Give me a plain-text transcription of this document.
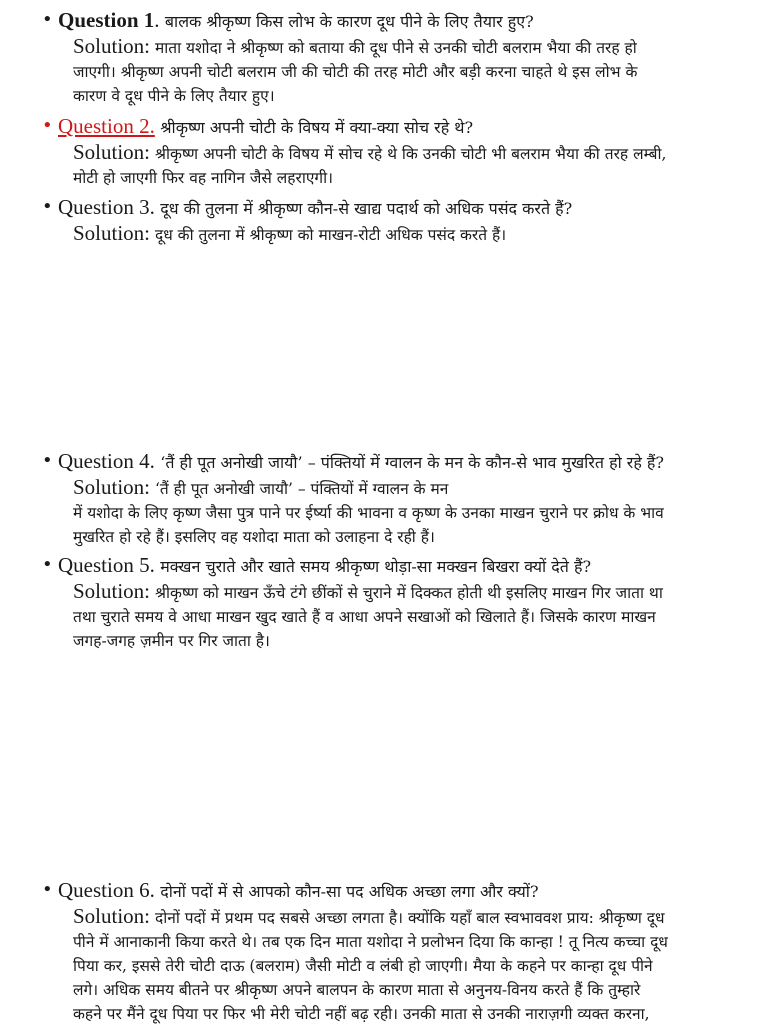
• Question 1. बालक श्रीकृष्ण किस लोभ के कारण दूध पीने के लिए तैयार हुए?
Solution: माता यशोदा ने श्रीकृष्ण को बताया की दूध पीने से उनकी चोटी बलराम भैया की तरह हो
जाएगी। श्रीकृष्ण अपनी चोटी बलराम जी की चोटी की तरह मोटी और बड़ी करना चाहते थे इस लोभ के
कारण वे दूध पीने के लिए तैयार हुए।
• Question 2. श्रीकृष्ण अपनी चोटी के विषय में क्या-क्या सोच रहे थे?
Solution: श्रीकृष्ण अपनी चोटी के विषय में सोच रहे थे कि उनकी चोटी भी बलराम भैया की तरह लम्बी,
मोटी हो जाएगी फिर वह नागिन जैसे लहराएगी।
• Question 3. दूध की तुलना में श्रीकृष्ण कौन-से खाद्य पदार्थ को अधिक पसंद करते हैं?
Solution: दूध की तुलना में श्रीकृष्ण को माखन-रोटी अधिक पसंद करते हैं।
• Question 4. ‘तैं ही पूत अनोखी जायौ’ – पंक्तियों में ग्वालन के मन के कौन-से भाव मुखरित हो रहे हैं?
Solution: ‘तैं ही पूत अनोखी जायौ’ – पंक्तियों में ग्वालन के मन
में यशोदा के लिए कृष्ण जैसा पुत्र पाने पर ईर्ष्या की भावना व कृष्ण के उनका माखन चुराने पर क्रोध के भाव
मुखरित हो रहे हैं। इसलिए वह यशोदा माता को उलाहना दे रही हैं।
• Question 5. मक्खन चुराते और खाते समय श्रीकृष्ण थोड़ा-सा मक्खन बिखरा क्यों देते हैं?
Solution: श्रीकृष्ण को माखन ऊँचे टंगे छींकों से चुराने में दिक्कत होती थी इसलिए माखन गिर जाता था
तथा चुराते समय वे आधा माखन खुद खाते हैं व आधा अपने सखाओं को खिलाते हैं। जिसके कारण माखन
जगह-जगह ज़मीन पर गिर जाता है।
• Question 6. दोनों पदों में से आपको कौन-सा पद अधिक अच्छा लगा और क्यों?
Solution: दोनों पदों में प्रथम पद सबसे अच्छा लगता है। क्योंकि यहाँ बाल स्वभाववश प्राय: श्रीकृष्ण दूध
पीने में आनाकानी किया करते थे। तब एक दिन माता यशोदा ने प्रलोभन दिया कि कान्हा ! तू नित्य कच्चा दूध
पिया कर, इससे तेरी चोटी दाऊ (बलराम) जैसी मोटी व लंबी हो जाएगी। मैया के कहने पर कान्हा दूध पीने
लगे। अधिक समय बीतने पर श्रीकृष्ण अपने बालपन के कारण माता से अनुनय-विनय करते हैं कि तुम्हारे
कहने पर मैंने दूध पिया पर फिर भी मेरी चोटी नहीं बढ़ रही। उनकी माता से उनकी नाराज़गी व्यक्त करना,
